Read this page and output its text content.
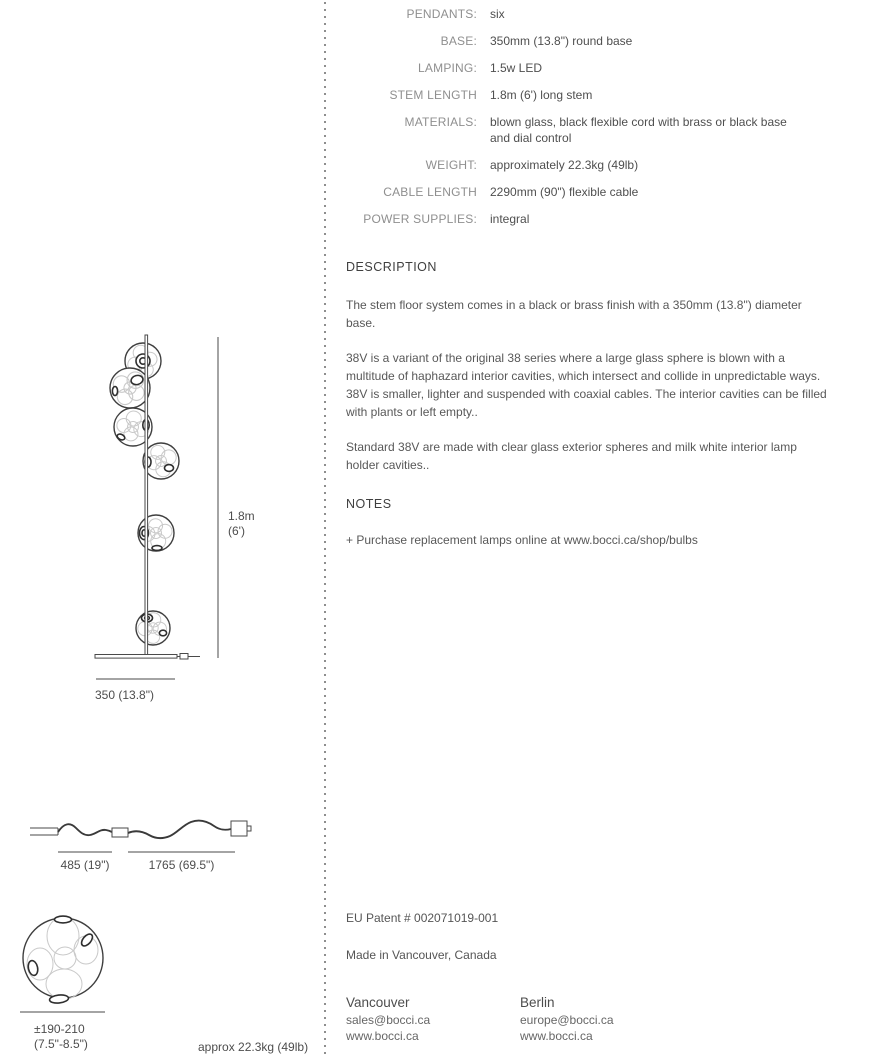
PENDANTS: six
BASE: 350mm (13.8") round base
LAMPING: 1.5w LED
STEM LENGTH 1.8m (6') long stem
MATERIALS: blown glass, black flexible cord with brass or black base and dial control
WEIGHT: approximately 22.3kg (49lb)
CABLE LENGTH 2290mm (90") flexible cable
POWER SUPPLIES: integral
DESCRIPTION

The stem floor system comes in a black or brass finish with a 350mm (13.8") diameter base.

38V is a variant of the original 38 series where a large glass sphere is blown with a multitude of haphazard interior cavities, which intersect and collide in unpredictable ways. 38V is smaller, lighter and suspended with coaxial cables. The interior cavities can be filled with plants or left empty..

Standard 38V are made with clear glass exterior spheres and milk white interior lamp holder cavities..

NOTES

+ Purchase replacement lamps online at www.bocci.ca/shop/bulbs

EU Patent # 002071019-001
Made in Vancouver, Canada
Vancouver
sales@bocci.ca
www.bocci.ca
Berlin
europe@bocci.ca
www.bocci.ca
1.8m
(6')
350 (13.8")
485 (19")	1765 (69.5")
±190-210
(7.5"-8.5")	approx 22.3kg (49lb)
